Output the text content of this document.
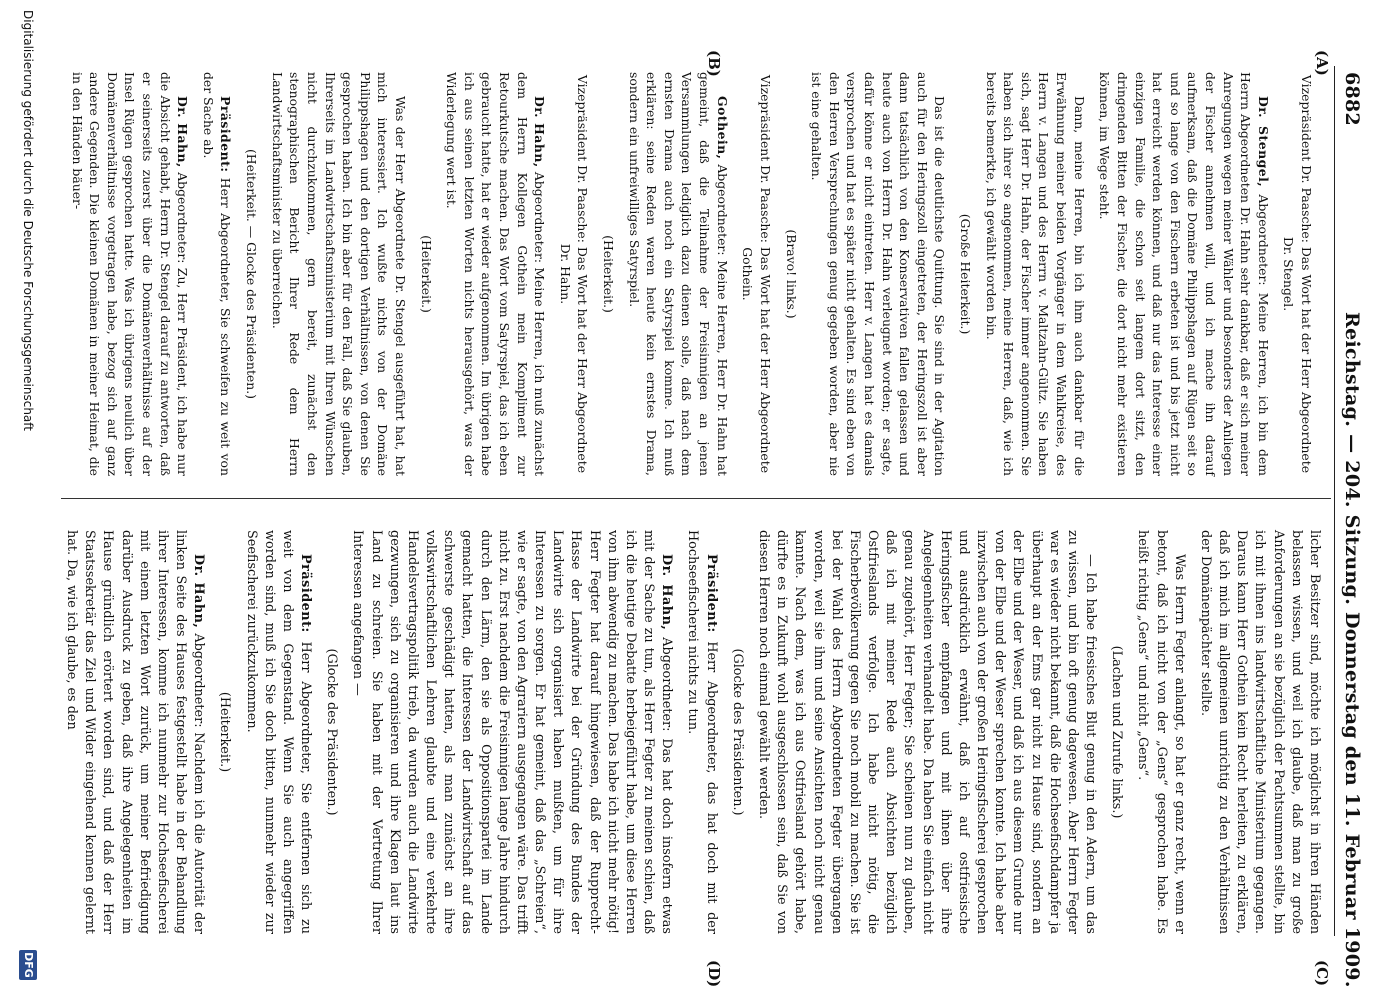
6882
Reichstag. — 204. Sitzung. Donnerstag den 11. Februar 1909.
(A)
(B)
(C)
(D)

Vizepräsident Dr. Paasche: Das Wort hat der Herr Abgeordnete Dr. Stengel.

Dr. Stengel, Abgeordneter: Meine Herren, ich bin dem Herrn Abgeordneten Dr. Hahn sehr dankbar, daß er sich meiner Anregungen wegen meiner Wähler und besonders der Anliegen der Fischer annehmen will, und ich mache ihn darauf aufmerksam, daß die Domäne Philippshagen auf Rügen seit so und so lange von den Fischern erbeten ist und bis jetzt nicht hat erreicht werden können, und daß nur das Interesse einer einzigen Familie, die schon seit langem dort sitzt, den dringenden Bitten der Fischer, die dort nicht mehr existieren können, im Wege steht.

Dann, meine Herren, bin ich ihm auch dankbar für die Erwähnung meiner beiden Vorgänger in dem Wahlkreise, des Herrn v. Langen und des Herrn v. Maltzahn-Gültz. Sie haben sich, sagt Herr Dr. Hahn, der Fischer immer angenommen. Sie haben sich ihrer so angenommen, meine Herren, daß, wie ich bereits bemerkte, ich gewählt worden bin.

(Große Heiterkeit.)

Das ist die deutlichste Quittung. Sie sind in der Agitation auch für den Heringszoll eingetreten, der Heringszoll ist aber dann tatsächlich von den Konservativen fallen gelassen und heute auch von Herrn Dr. Hahn verleugnet worden; er sagte, dafür könne er nicht eintreten. Herr v. Langen hat es damals versprochen und hat es später nicht gehalten. Es sind eben von den Herren Versprechungen genug gegeben worden, aber nie ist eine gehalten.

(Bravo! links.)

Vizepräsident Dr. Paasche: Das Wort hat der Herr Abgeordnete Gothein.

Gothein, Abgeordneter: Meine Herren, Herr Dr. Hahn hat gemeint, daß die Teilnahme der Freisinnigen an jenen Versammlungen lediglich dazu dienen solle, daß nach dem ernsten Drama auch noch ein Satyrspiel komme. Ich muß erklären: seine Reden waren heute kein ernstes Drama, sondern ein unfreiwilliges Satyrspiel.

(Heiterkeit.)

Vizepräsident Dr. Paasche: Das Wort hat der Herr Abgeordnete Dr. Hahn.

Dr. Hahn, Abgeordneter: Meine Herren, ich muß zunächst dem Herrn Kollegen Gothein mein Kompliment zur Retourkutsche machen. Das Wort vom Satyrspiel, das ich eben gebraucht hatte, hat er wieder aufgenommen. Im übrigen habe ich aus seinen letzten Worten nichts herausgehört, was der Widerlegung wert ist.

(Heiterkeit.)

Was der Herr Abgeordnete Dr. Stengel ausgeführt hat, hat mich interessiert. Ich wußte nichts von der Domäne Philippshagen und den dortigen Verhältnissen, von denen Sie gesprochen haben. Ich bin aber für den Fall, daß Sie glauben, Ihrerseits im Landwirtschaftsministerium mit Ihren Wünschen nicht durchzukommen, gern bereit, zunächst den stenographischen Bericht Ihrer Rede dem Herrn Landwirtschaftsminister zu überreichen.

(Heiterkeit. — Glocke des Präsidenten.)

Präsident: Herr Abgeordneter, Sie schweifen zu weit von der Sache ab.

Dr. Hahn, Abgeordneter: Zu, Herr Präsident, ich habe nur die Absicht gehabt, Herrn Dr. Stengel darauf zu antworten, daß er seinerseits zuerst über die Domänenverhältnisse auf der Insel Rügen gesprochen hatte. Was ich übrigens neulich über Domänenverhältnisse vorgetragen habe, bezog sich auf ganz andere Gegenden. Die kleinen Domänen in meiner Heimat, die in den Händen bäuer-

licher Besitzer sind, möchte ich möglichst in ihren Händen belassen wissen, und weil ich glaube, daß man zu große Anforderungen an sie bezüglich der Pachtsummen stellte, bin ich mit ihnen ins landwirtschaftliche Ministerium gegangen. Daraus kann Herr Gothein kein Recht herleiten, zu erklären, daß ich mich im allgemeinen unrichtig zu den Verhältnissen der Domänenpächter stellte.

Was Herrn Fegter anlangt, so hat er ganz recht, wenn er betont, daß ich nicht von der „Gens“ gesprochen habe. Es heißt richtig „Gens“ und nicht „Gens“.

(Lachen und Zurufe links.)

— Ich habe friesisches Blut genug in den Adern, um das zu wissen, und bin oft genug dagewesen. Aber Herrn Fegter war es wieder nicht bekannt, daß die Hochseefischdampfer ja überhaupt an der Ems gar nicht zu Hause sind, sondern an der Elbe und der Weser, und daß ich aus diesem Grunde nur von der Elbe und der Weser sprechen konnte. Ich habe aber inzwischen auch von der großen Heringsfischerei gesprochen und ausdrücklich erwähnt, daß ich auf ostfriesische Heringsfischer empfangen und mit ihnen über ihre Angelegenheiten verhandelt habe. Da haben Sie einfach nicht genau zugehört, Herr Fegter; Sie scheinen nun zu glauben, daß ich mit meiner Rede auch Absichten bezüglich Ostfrieslands verfolge. Ich habe nicht nötig, die Fischerbevölkerung gegen Sie noch mobil zu machen. Sie ist bei der Wahl des Herrn Abgeordneten Fegter übergangen worden, weil sie ihm und seine Ansichten noch nicht genau kannte. Nach dem, was ich aus Ostfriesland gehört habe, dürfte es in Zukunft wohl ausgeschlossen sein, daß Sie von diesen Herren noch einmal gewählt werden.

(Glocke des Präsidenten.)

Präsident: Herr Abgeordneter, das hat doch mit der Hochseefischerei nichts zu tun.

Dr. Hahn, Abgeordneter: Das hat doch insofern etwas mit der Sache zu tun, als Herr Fegter zu meinen schien, daß ich die heutige Debatte herbeigeführt habe, um diese Herren von ihm abwendig zu machen. Das habe ich nicht mehr nötig! Herr Fegter hat darauf hingewiesen, daß der Rupprecht-Hasse der Landwirte bei der Gründung des Bundes der Landwirte sich organisiert haben mußten, um für ihre Interessen zu sorgen. Er hat gemeint, daß das „Schreien“, wie er sagte, von den Agrariern ausgegangen wäre. Das trifft nicht zu. Erst nachdem die Freisinnigen lange Jahre hindurch durch den Lärm, den sie als Oppositionspartei im Lande gemacht hatten, die Interessen der Landwirtschaft auf das schwerste geschädigt hatten, als man zunächst an ihre volkswirtschaftlichen Lehren glaubte und eine verkehrte Handelsvertragspolitik trieb, da wurden auch die Landwirte gezwungen, sich zu organisieren und ihre Klagen laut ins Land zu schreien. Sie haben mit der Vertretung Ihrer Interessen angefangen —

(Glocke des Präsidenten.)

Präsident: Herr Abgeordneter, Sie entfernen sich zu weit von dem Gegenstand. Wenn Sie auch angegriffen worden sind, muß ich Sie doch bitten, nunmehr wieder zur Seefischerei zurückzukommen.

(Heiterkeit.)

Dr. Hahn, Abgeordneter: Nachdem ich die Autorität der linken Seite des Hauses festgestellt habe in der Behandlung ihrer Interessen, komme ich nunmehr zur Hochseefischerei mit einem letzten Wort zurück, um meiner Befriedigung darüber Ausdruck zu geben, daß ihre Angelegenheiten im Hause gründlich erörtert worden sind, und daß der Herr Staatssekretär das Ziel und Wider eingehend kennen gelernt hat. Da, wie ich glaube, es den

Digitalisierung gefördert durch die Deutsche Forschungsgemeinschaft
DFG
